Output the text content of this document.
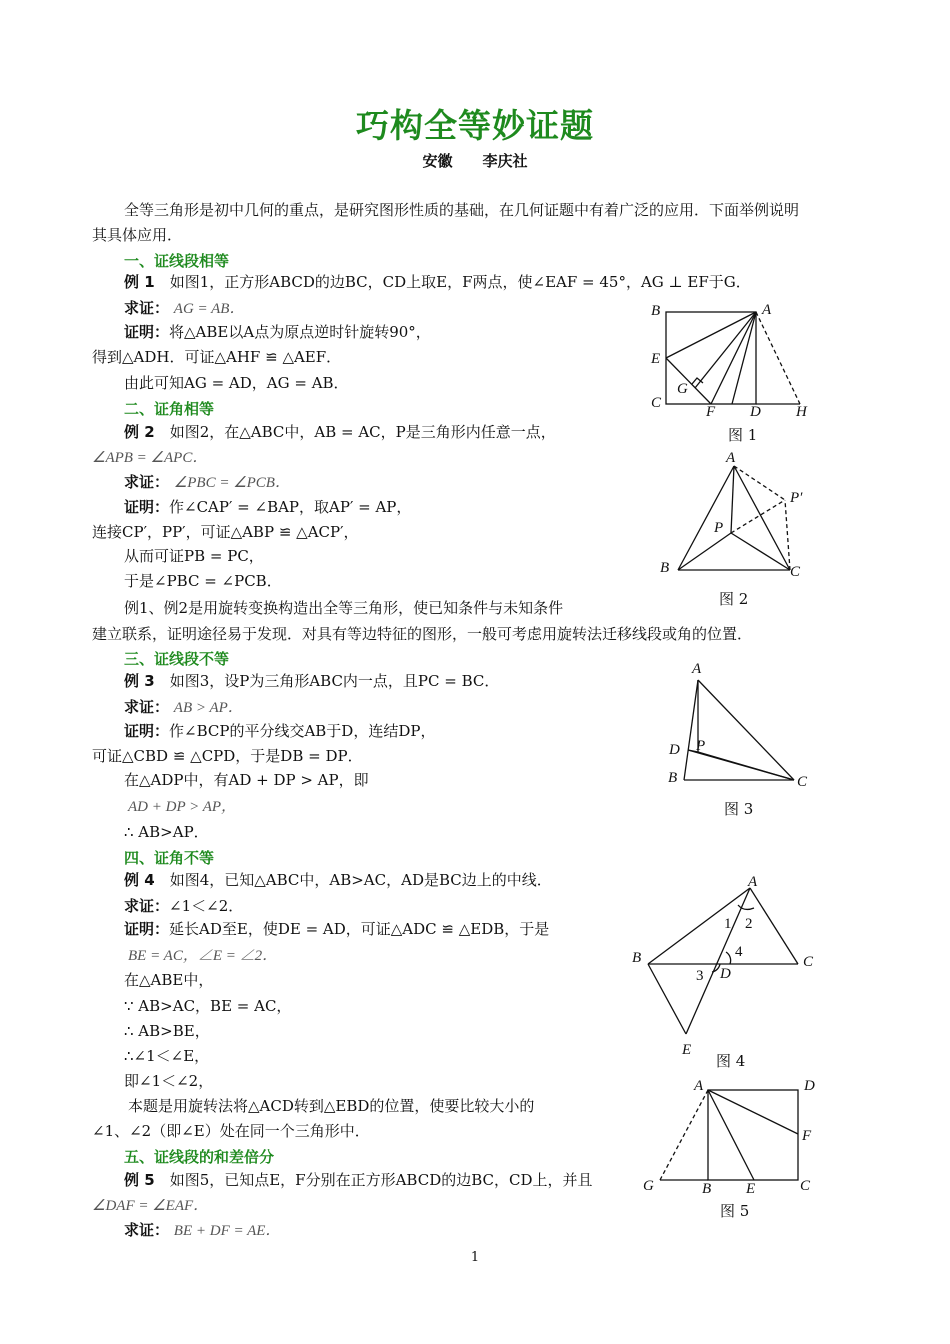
巧构全等妙证题
安徽　　李庆社
全等三角形是初中几何的重点，是研究图形性质的基础，在几何证题中有着广泛的应用．下面举例说明
其具体应用．
一、证线段相等
例 1　 如图1，正方形ABCD的边BC，CD上取E，F两点，使∠EAF = 45°，AG ⊥ EF于G．
求证： AG = AB．
证明：将△ABE以A点为原点逆时针旋转90°，
得到△ADH．可证△AHF ≌ △AEF．
由此可知AG = AD，AG = AB．
二、证角相等
例 2　 如图2，在△ABC中，AB = AC，P是三角形内任意一点，
∠APB = ∠APC．
求证： ∠PBC = ∠PCB．
证明：作∠CAP′ = ∠BAP，取AP′ = AP，
连接CP′，PP′，可证△ABP ≌ △ACP′，
从而可证PB = PC，
于是∠PBC = ∠PCB．
例1、例2是用旋转变换构造出全等三角形，使已知条件与未知条件
建立联系，证明途径易于发现．对具有等边特征的图形，一般可考虑用旋转法迁移线段或角的位置．
三、证线段不等
例 3　 如图3，设P为三角形ABC内一点，且PC = BC．
求证： AB > AP．
证明：作∠BCP的平分线交AB于D，连结DP，
可证△CBD ≌ △CPD，于是DB = DP．
在△ADP中，有AD + DP > AP，即
AD + DP > AP，
∴ AB>AP．
四、证角不等
例 4　 如图4，已知△ABC中，AB>AC，AD是BC边上的中线．
求证：∠1＜∠2．
证明：延长AD至E，使DE = AD，可证△ADC ≌ △EDB，于是
BE = AC，∠E = ∠2．
在△ABE中，
∵ AB>AC，BE = AC，
∴ AB>BE，
∴∠1＜∠E，
即∠1＜∠2，
本题是用旋转法将△ACD转到△EBD的位置，使要比较大小的
∠1、∠2（即∠E）处在同一个三角形中．
五、证线段的和差倍分
例 5　 如图5，已知点E，F分别在正方形ABCD的边BC，CD上，并且
∠DAF = ∠EAF．
求证： BE + DF = AE．
B	A
E
G
C
F D H
图 1
A
P′
P
B	C
图 2
A
D P
B	C
图 3
A
1 2
4
3
B
D
C
E
图 4
A	D
F
G	B E	C
图 5
1
